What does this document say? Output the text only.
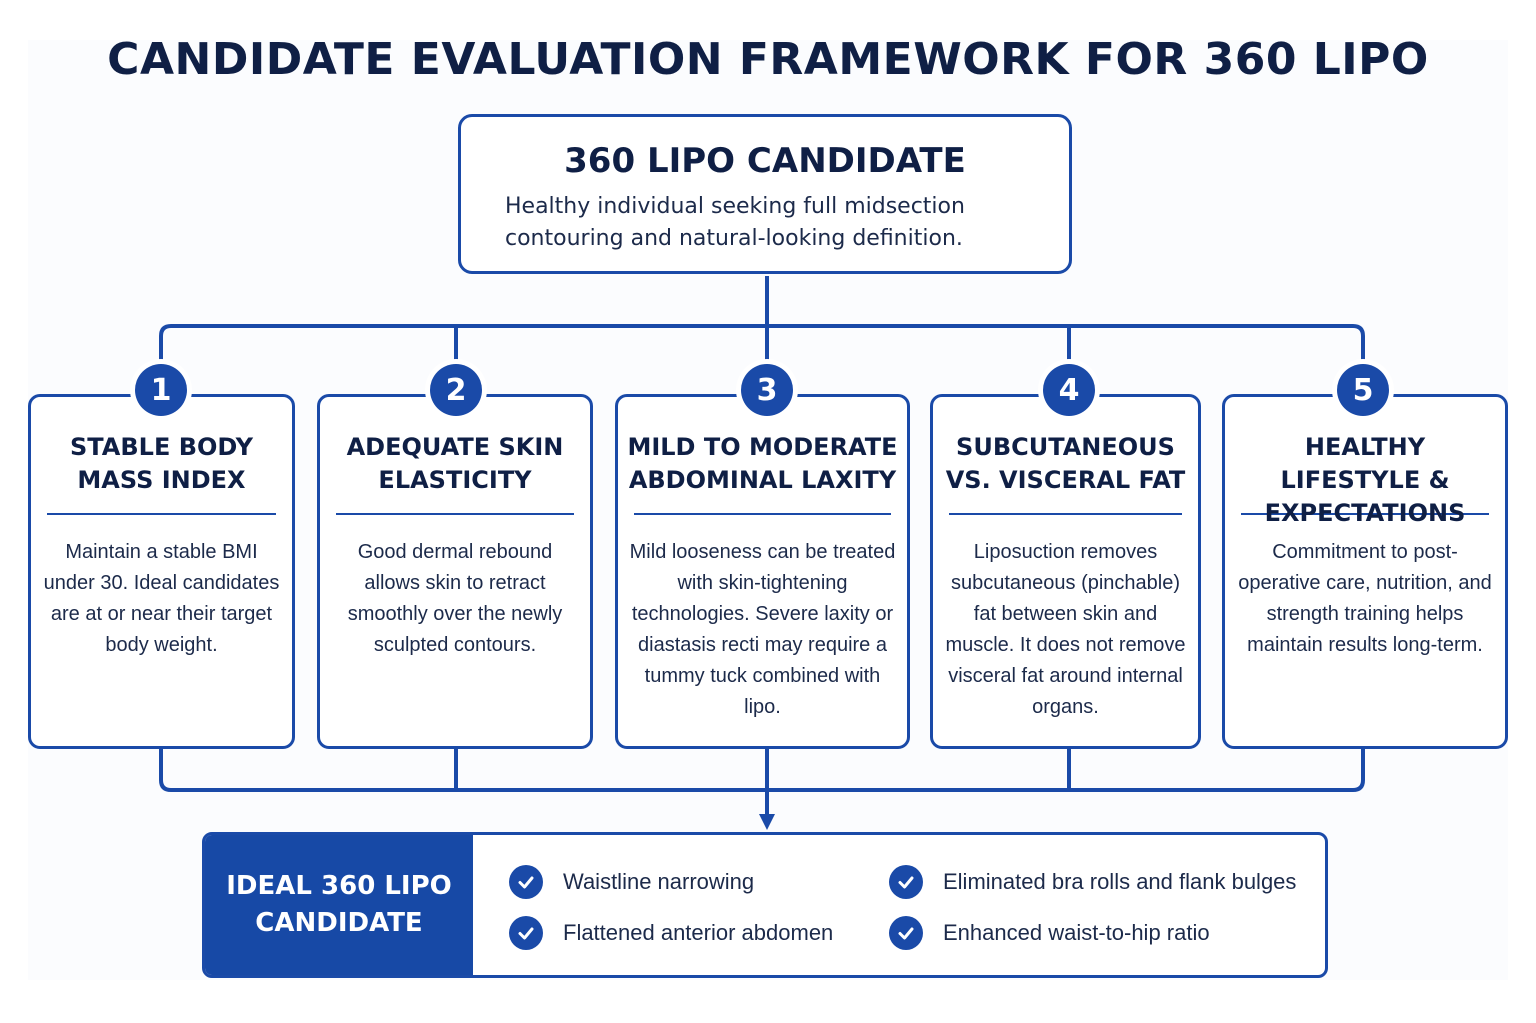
CANDIDATE EVALUATION FRAMEWORK FOR 360 LIPO
360 LIPO CANDIDATE

Healthy individual seeking full midsection contouring and natural-looking definition.

STABLE BODY MASS INDEX

Maintain a stable BMI under 30. Ideal candidates are at or near their target body weight.

ADEQUATE SKIN ELASTICITY

Good dermal rebound allows skin to retract smoothly over the newly sculpted contours.

MILD TO MODERATE ABDOMINAL LAXITY

Mild looseness can be treated with skin-tightening technologies. Severe laxity or diastasis recti may require a tummy tuck combined with lipo.

SUBCUTANEOUS VS. VISCERAL FAT

Liposuction removes subcutaneous (pinchable) fat between skin and muscle. It does not remove visceral fat around internal organs.

HEALTHY LIFESTYLE & EXPECTATIONS

Commitment to post-operative care, nutrition, and strength training helps maintain results long-term.

1	2	3	4	5
IDEAL 360 LIPO CANDIDATE
Waistline narrowing
Flattened anterior abdomen
Eliminated bra rolls and flank bulges
Enhanced waist-to-hip ratio
